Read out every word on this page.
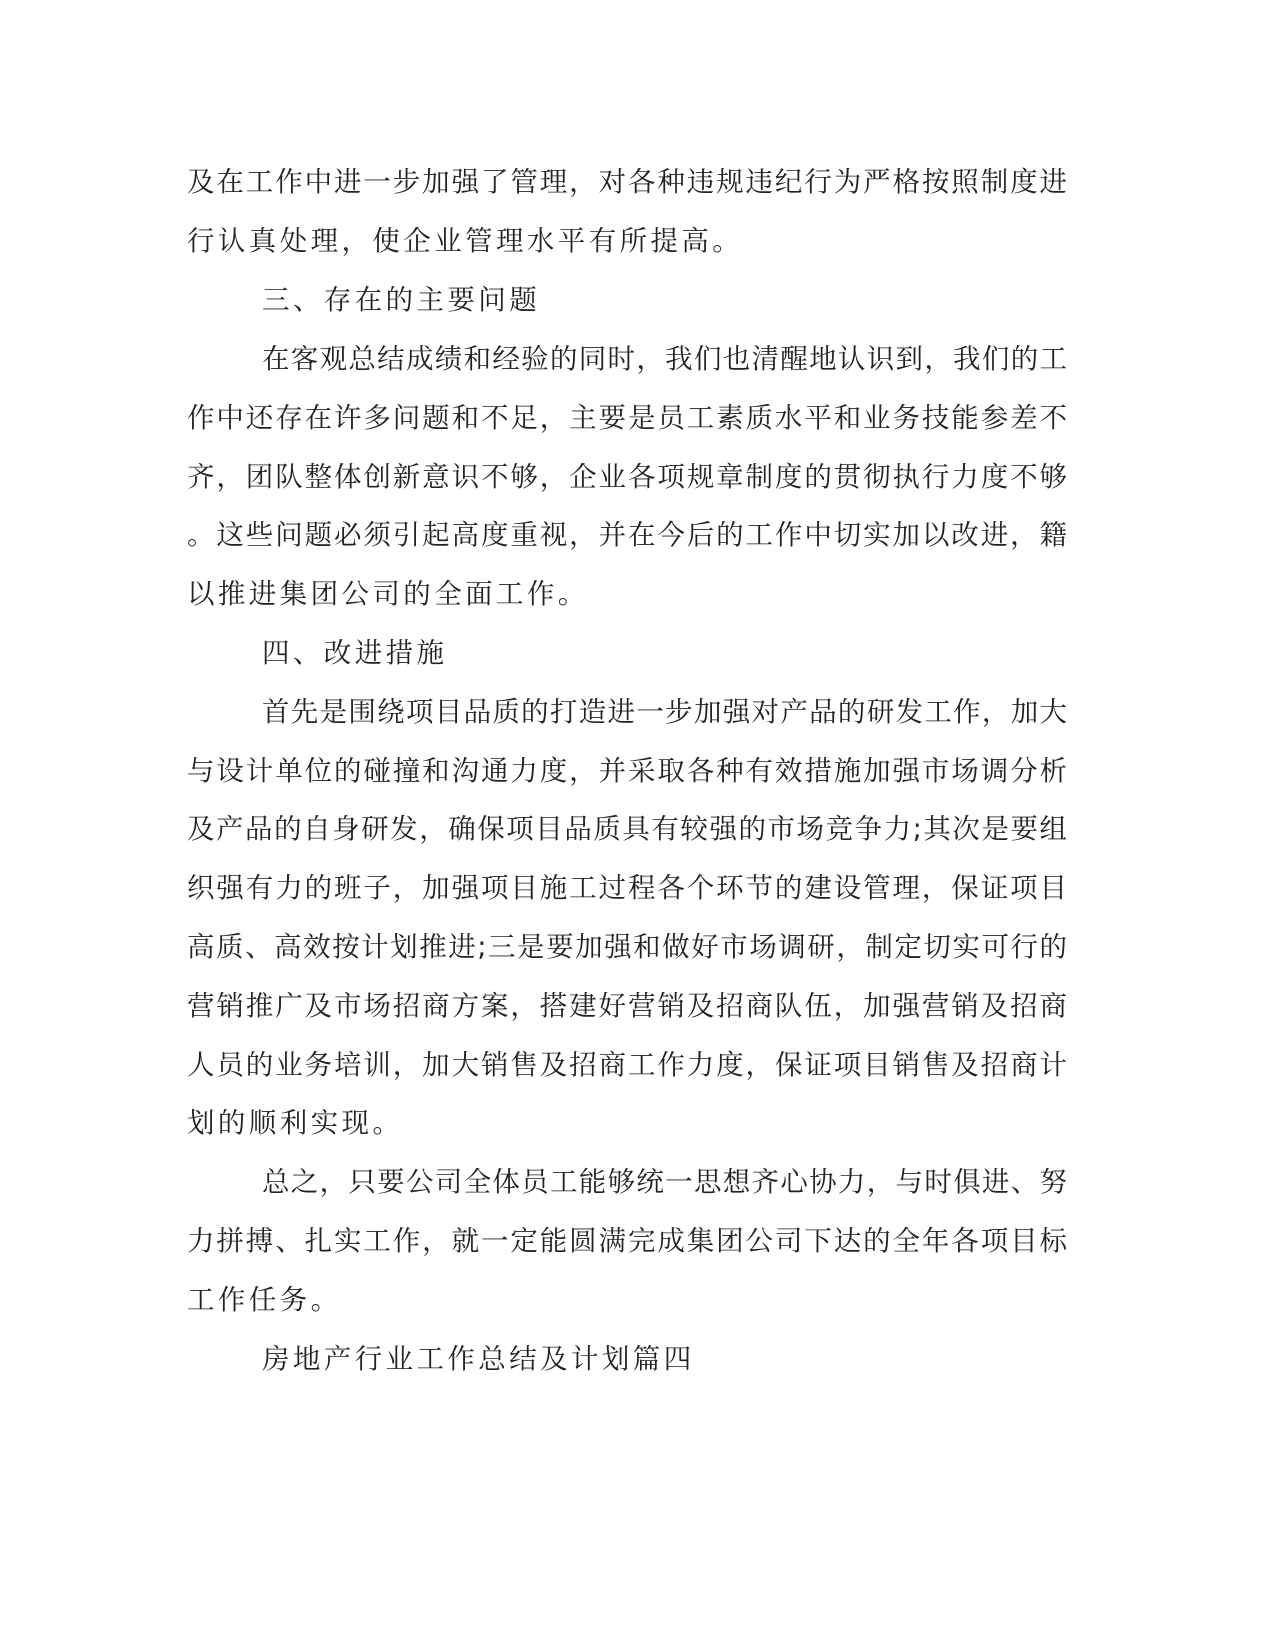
及在工作中进一步加强了管理，对各种违规违纪行为严格按照制度进
行认真处理，使企业管理水平有所提高。
三、存在的主要问题
在客观总结成绩和经验的同时，我们也清醒地认识到，我们的工
作中还存在许多问题和不足，主要是员工素质水平和业务技能参差不
齐，团队整体创新意识不够，企业各项规章制度的贯彻执行力度不够
。这些问题必须引起高度重视，并在今后的工作中切实加以改进，籍
以推进集团公司的全面工作。
四、改进措施
首先是围绕项目品质的打造进一步加强对产品的研发工作，加大
与设计单位的碰撞和沟通力度，并采取各种有效措施加强市场调分析
及产品的自身研发，确保项目品质具有较强的市场竞争力;其次是要组
织强有力的班子，加强项目施工过程各个环节的建设管理，保证项目
高质、高效按计划推进;三是要加强和做好市场调研，制定切实可行的
营销推广及市场招商方案，搭建好营销及招商队伍，加强营销及招商
人员的业务培训，加大销售及招商工作力度，保证项目销售及招商计
划的顺利实现。
总之，只要公司全体员工能够统一思想齐心协力，与时俱进、努
力拼搏、扎实工作，就一定能圆满完成集团公司下达的全年各项目标
工作任务。
房地产行业工作总结及计划篇四
